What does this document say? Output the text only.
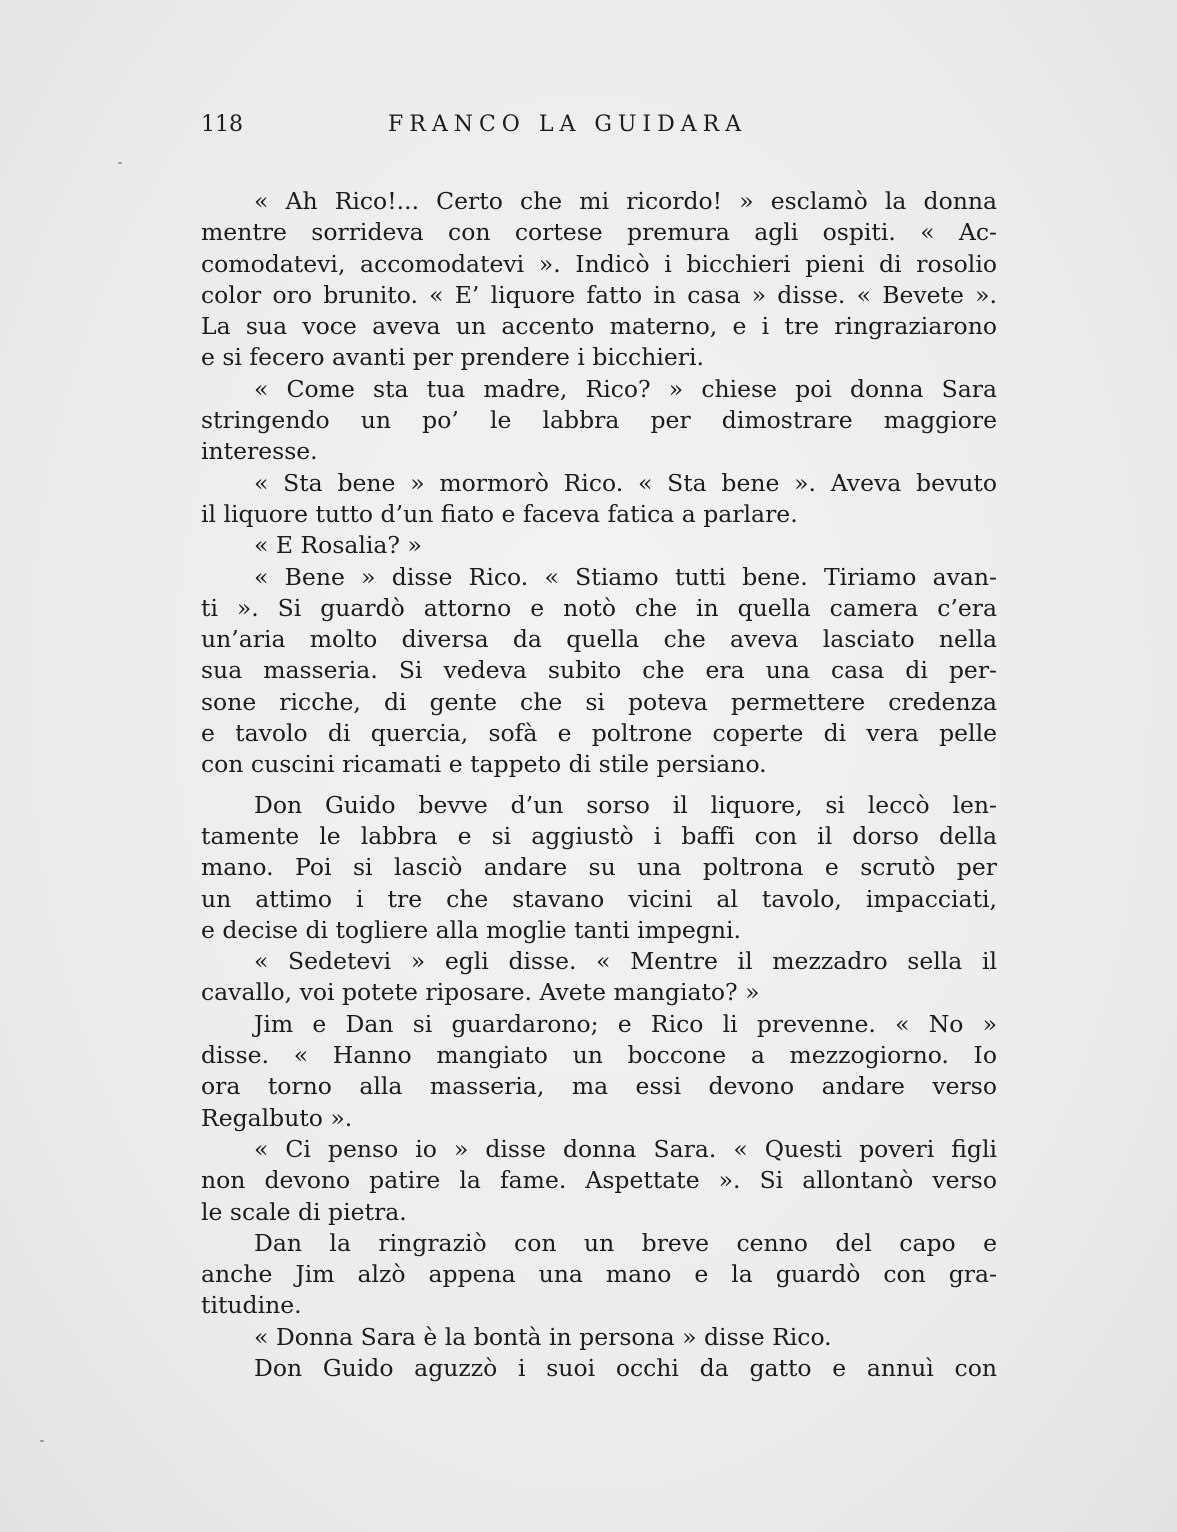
118	FRANCO LA GUIDARA
« Ah Rico!... Certo che mi ricordo! » esclamò la donna
mentre sorrideva con cortese premura agli ospiti. « Ac-
comodatevi, accomodatevi ». Indicò i bicchieri pieni di rosolio
color oro brunito. « E’ liquore fatto in casa » disse. « Bevete ».
La sua voce aveva un accento materno, e i tre ringraziarono
e si fecero avanti per prendere i bicchieri.
« Come sta tua madre, Rico? » chiese poi donna Sara
stringendo un po’ le labbra per dimostrare maggiore
interesse.
« Sta bene » mormorò Rico. « Sta bene ». Aveva bevuto
il liquore tutto d’un fiato e faceva fatica a parlare.
« E Rosalia? »
« Bene » disse Rico. « Stiamo tutti bene. Tiriamo avan-
ti ». Si guardò attorno e notò che in quella camera c’era
un’aria molto diversa da quella che aveva lasciato nella
sua masseria. Si vedeva subito che era una casa di per-
sone ricche, di gente che si poteva permettere credenza
e tavolo di quercia, sofà e poltrone coperte di vera pelle
con cuscini ricamati e tappeto di stile persiano.
Don Guido bevve d’un sorso il liquore, si leccò len-
tamente le labbra e si aggiustò i baffi con il dorso della
mano. Poi si lasciò andare su una poltrona e scrutò per
un attimo i tre che stavano vicini al tavolo, impacciati,
e decise di togliere alla moglie tanti impegni.
« Sedetevi » egli disse. « Mentre il mezzadro sella il
cavallo, voi potete riposare. Avete mangiato? »
Jim e Dan si guardarono; e Rico li prevenne. « No »
disse. « Hanno mangiato un boccone a mezzogiorno. Io
ora torno alla masseria, ma essi devono andare verso
Regalbuto ».
« Ci penso io » disse donna Sara. « Questi poveri figli
non devono patire la fame. Aspettate ». Si allontanò verso
le scale di pietra.
Dan la ringraziò con un breve cenno del capo e
anche Jim alzò appena una mano e la guardò con gra-
titudine.
« Donna Sara è la bontà in persona » disse Rico.
Don Guido aguzzò i suoi occhi da gatto e annuì con
